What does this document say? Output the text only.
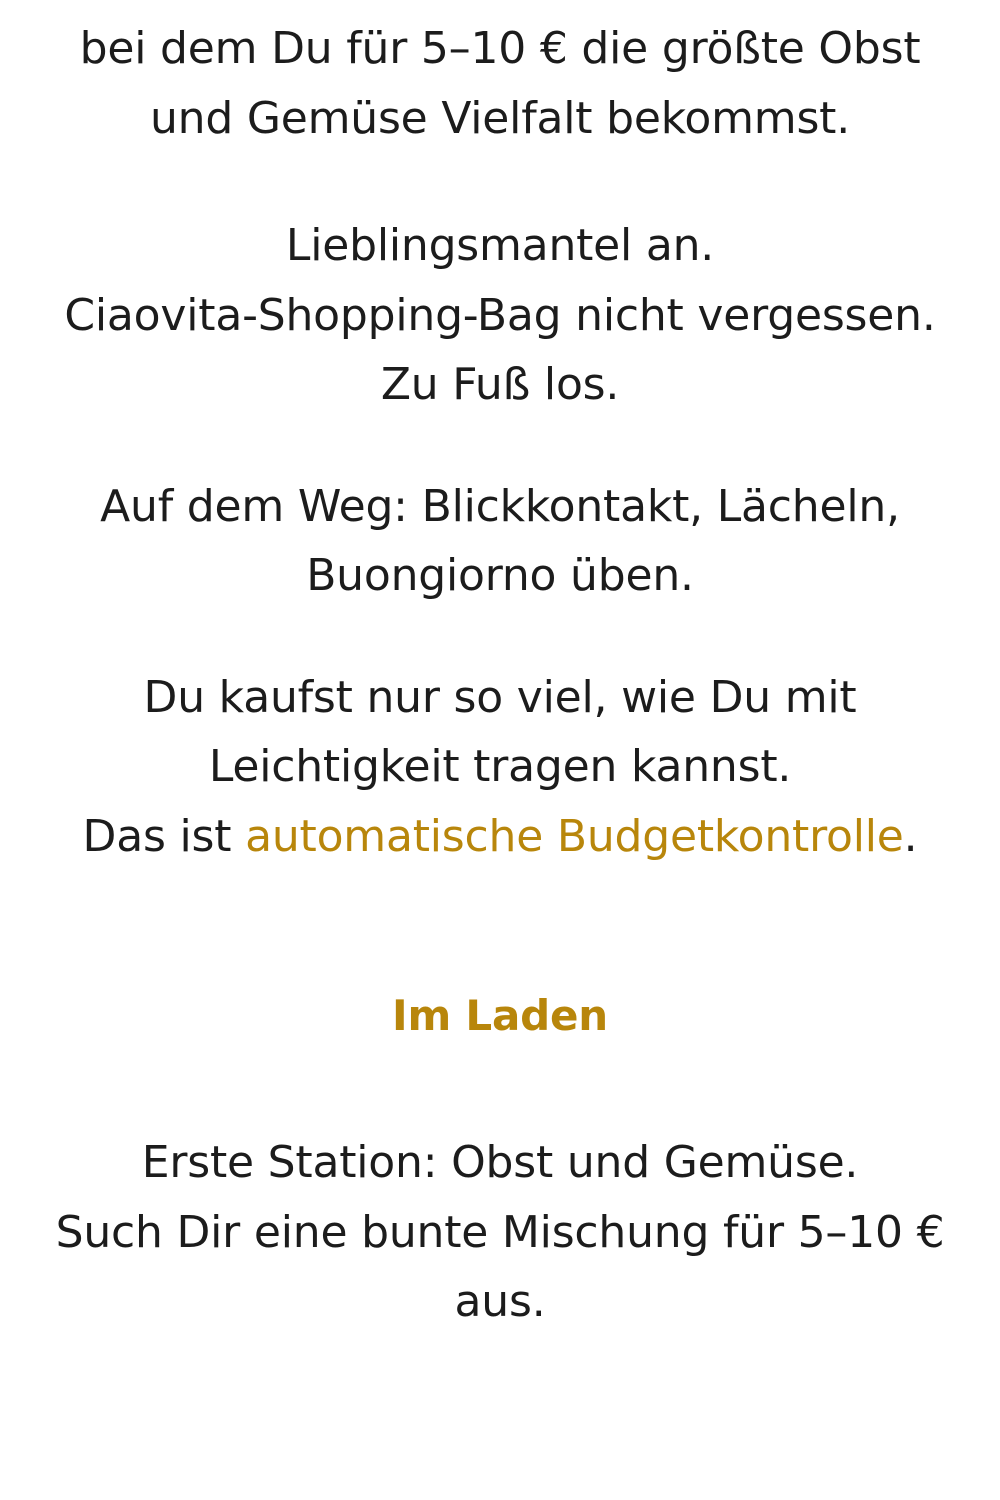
bei dem Du für 5–10 € die größte Obst
und Gemüse Vielfalt bekommst.
Lieblingsmantel an.
Ciaovita-Shopping-Bag nicht vergessen.
Zu Fuß los.
Auf dem Weg: Blickkontakt, Lächeln,
Buongiorno üben.
Du kaufst nur so viel, wie Du mit
Leichtigkeit tragen kannst.
Das ist automatische Budgetkontrolle.
Im Laden
Erste Station: Obst und Gemüse.
Such Dir eine bunte Mischung für 5–10 €
aus.
